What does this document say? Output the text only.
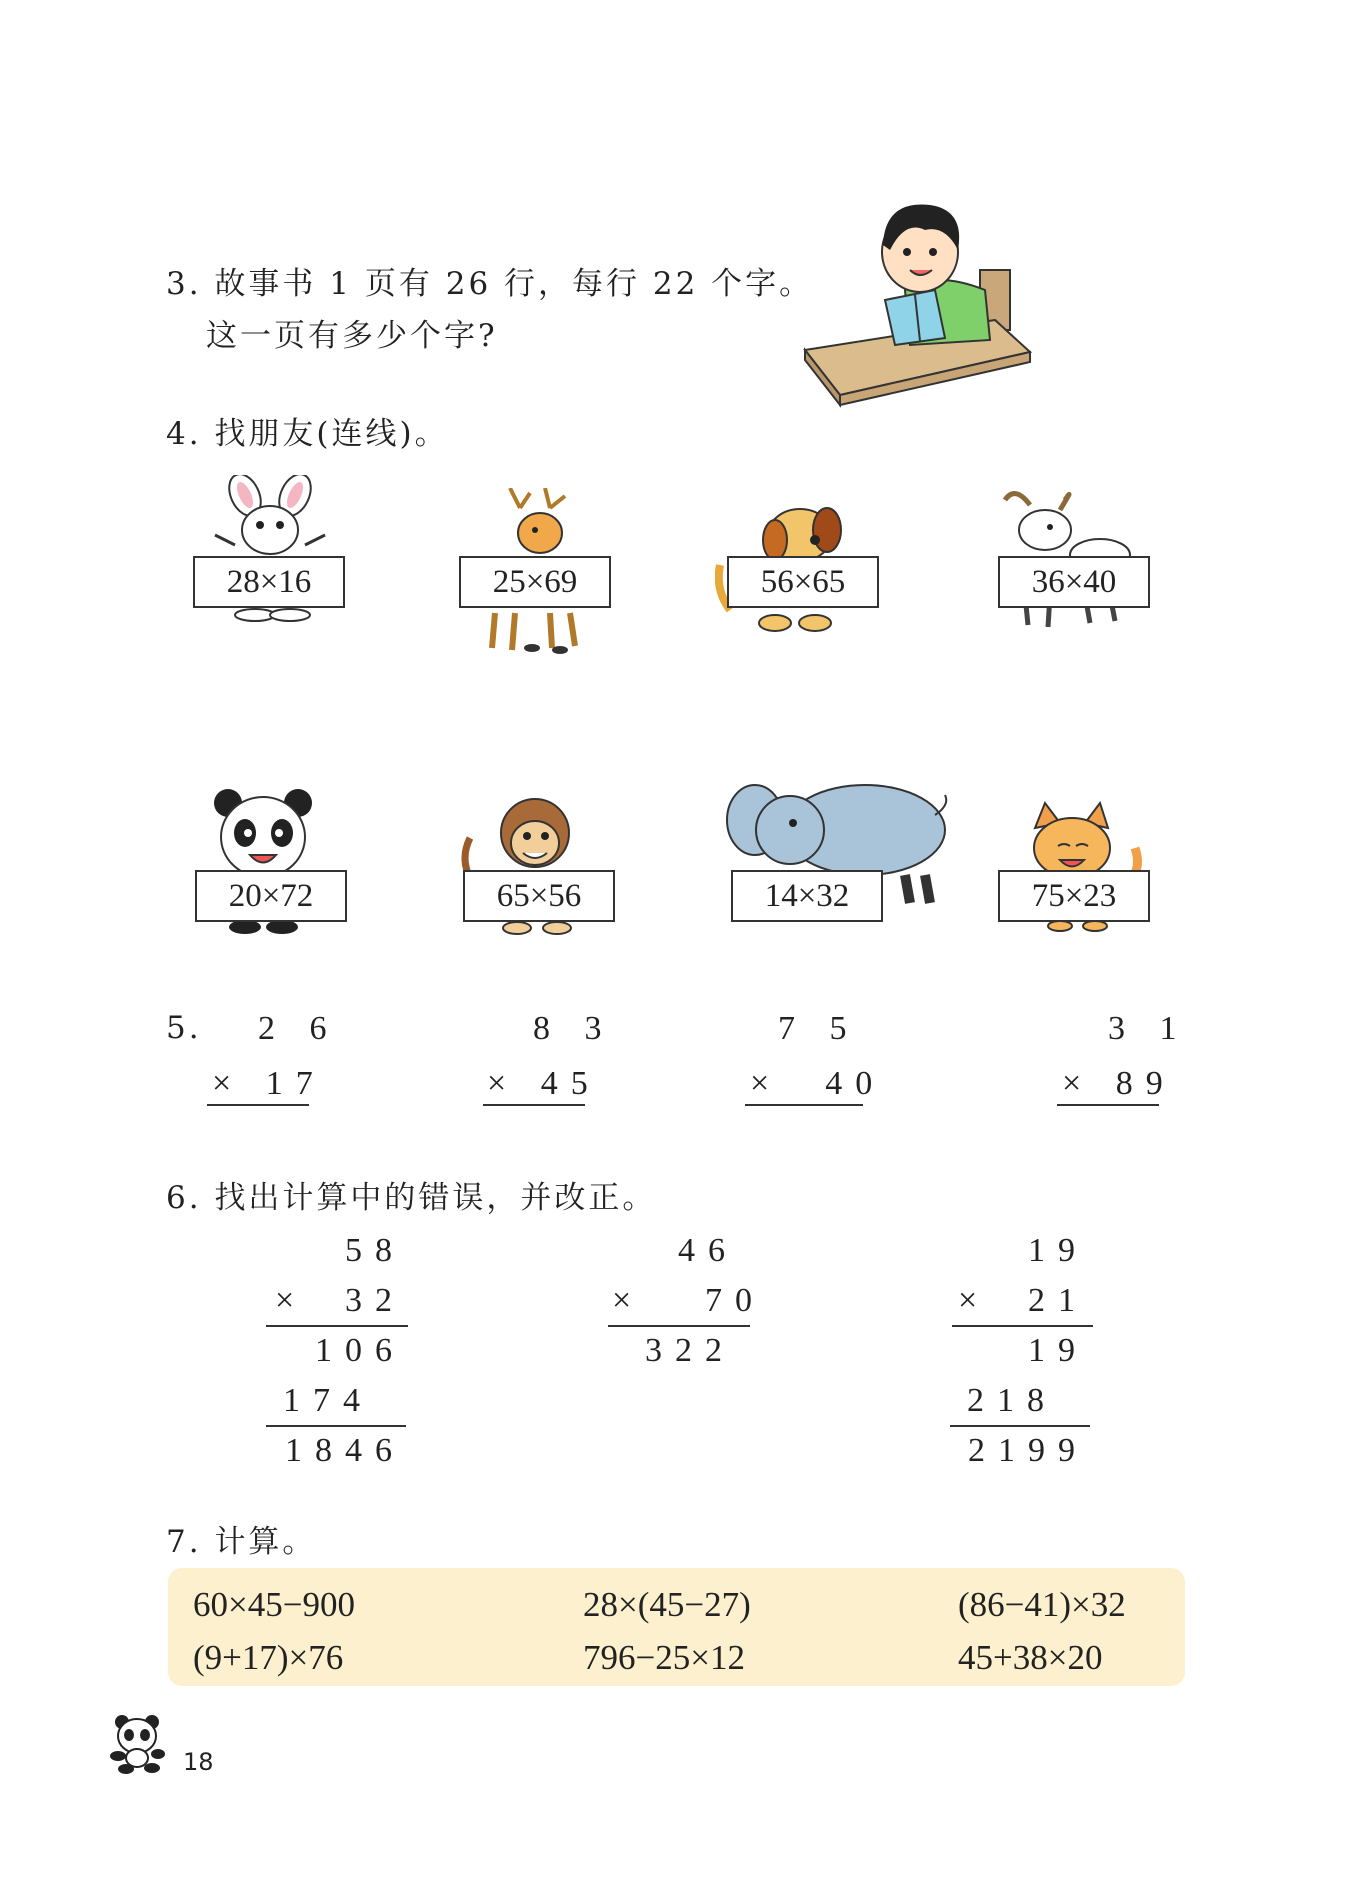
3. 故事书 1 页有 26 行，每行 22 个字。
这一页有多少个字?
4. 找朋友(连线)。
28×16	25×69	56×65	36×40
20×72	65×56	14×32	75×23
5. 2 6
× 17
8 3
× 45
7 5
× 40
3 1
× 89
6. 找出计算中的错误，并改正。
58
× 32
106
174
1846
46
× 70
322
19
× 21
19
218
2199
7. 计算。
60×45−900	28×(45−27)	(86−41)×32
(9+17)×76	796−25×12	45+38×20
18
